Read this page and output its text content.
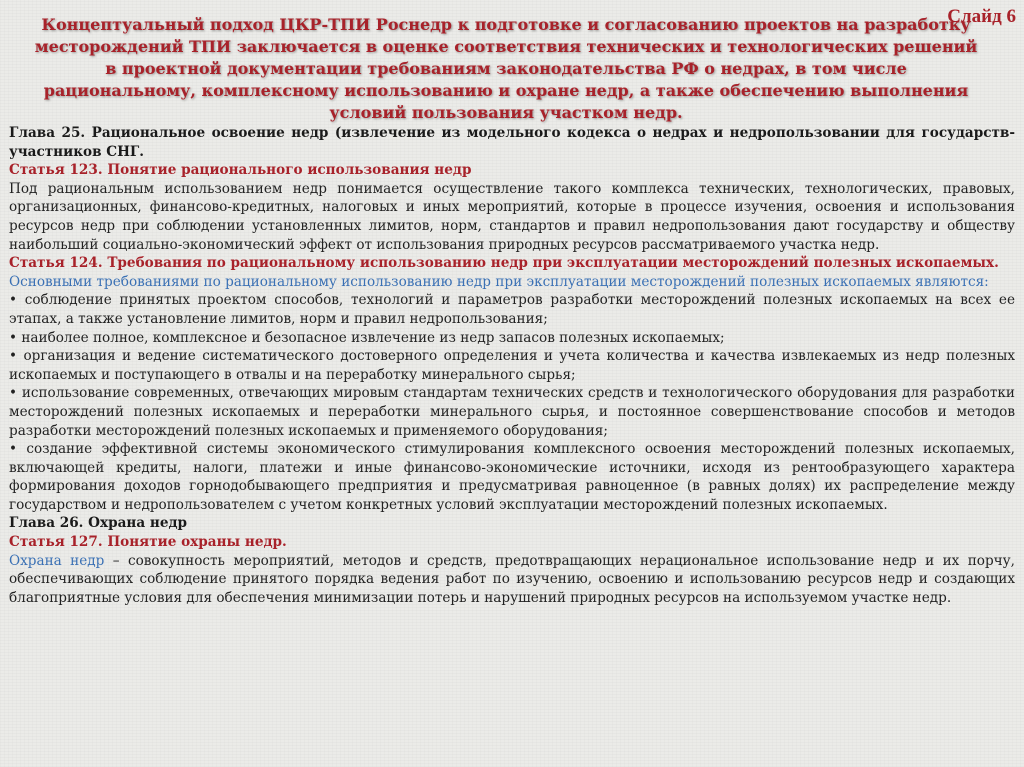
Слайд 6
Концептуальный подход ЦКР-ТПИ Роснедр к подготовке и согласованию проектов на разработку месторождений ТПИ заключается в оценке соответствия технических и технологических решений в проектной документации требованиям законодательства РФ о недрах, в том числе рациональному, комплексному использованию и охране недр, а также обеспечению выполнения условий пользования участком недр.

Глава 25. Рациональное освоение недр (извлечение из модельного кодекса о недрах и недропользовании для государств-участников СНГ.

Статья 123. Понятие рационального использования недр

Под рациональным использованием недр понимается осуществление такого комплекса технических, технологических, правовых, организационных, финансово-кредитных, налоговых и иных мероприятий, которые в процессе изучения, освоения и использования ресурсов недр при соблюдении установленных лимитов, норм, стандартов и правил недропользования дают государству и обществу наибольший социально-экономический эффект от использования природных ресурсов рассматриваемого участка недр.

Статья 124. Требования по рациональному использованию недр при эксплуатации месторождений полезных ископаемых.

Основными требованиями по рациональному использованию недр при эксплуатации месторождений полезных ископаемых являются:

• соблюдение принятых проектом способов, технологий и параметров разработки месторождений полезных ископаемых на всех ее этапах, а также установление лимитов, норм и правил недропользования;

• наиболее полное, комплексное и безопасное извлечение из недр запасов полезных ископаемых;

• организация и ведение систематического достоверного определения и учета количества и качества извлекаемых из недр полезных ископаемых и поступающего в отвалы и на переработку минерального сырья;

• использование современных, отвечающих мировым стандартам технических средств и технологического оборудования для разработки месторождений полезных ископаемых и переработки минерального сырья, и постоянное совершенствование способов и методов разработки месторождений полезных ископаемых и применяемого оборудования;

• создание эффективной системы экономического стимулирования комплексного освоения месторождений полезных ископаемых, включающей кредиты, налоги, платежи и иные финансово-экономические источники, исходя из рентообразующего характера формирования доходов горнодобывающего предприятия и предусматривая равноценное (в равных долях) их распределение между государством и недропользователем с учетом конкретных условий эксплуатации месторождений полезных ископаемых.

Глава 26. Охрана недр

Статья 127. Понятие охраны недр.

Охрана недр – совокупность мероприятий, методов и средств, предотвращающих нерациональное использование недр и их порчу, обеспечивающих соблюдение принятого порядка ведения работ по изучению, освоению и использованию ресурсов недр и создающих благоприятные условия для обеспечения минимизации потерь и нарушений природных ресурсов на используемом участке недр.
